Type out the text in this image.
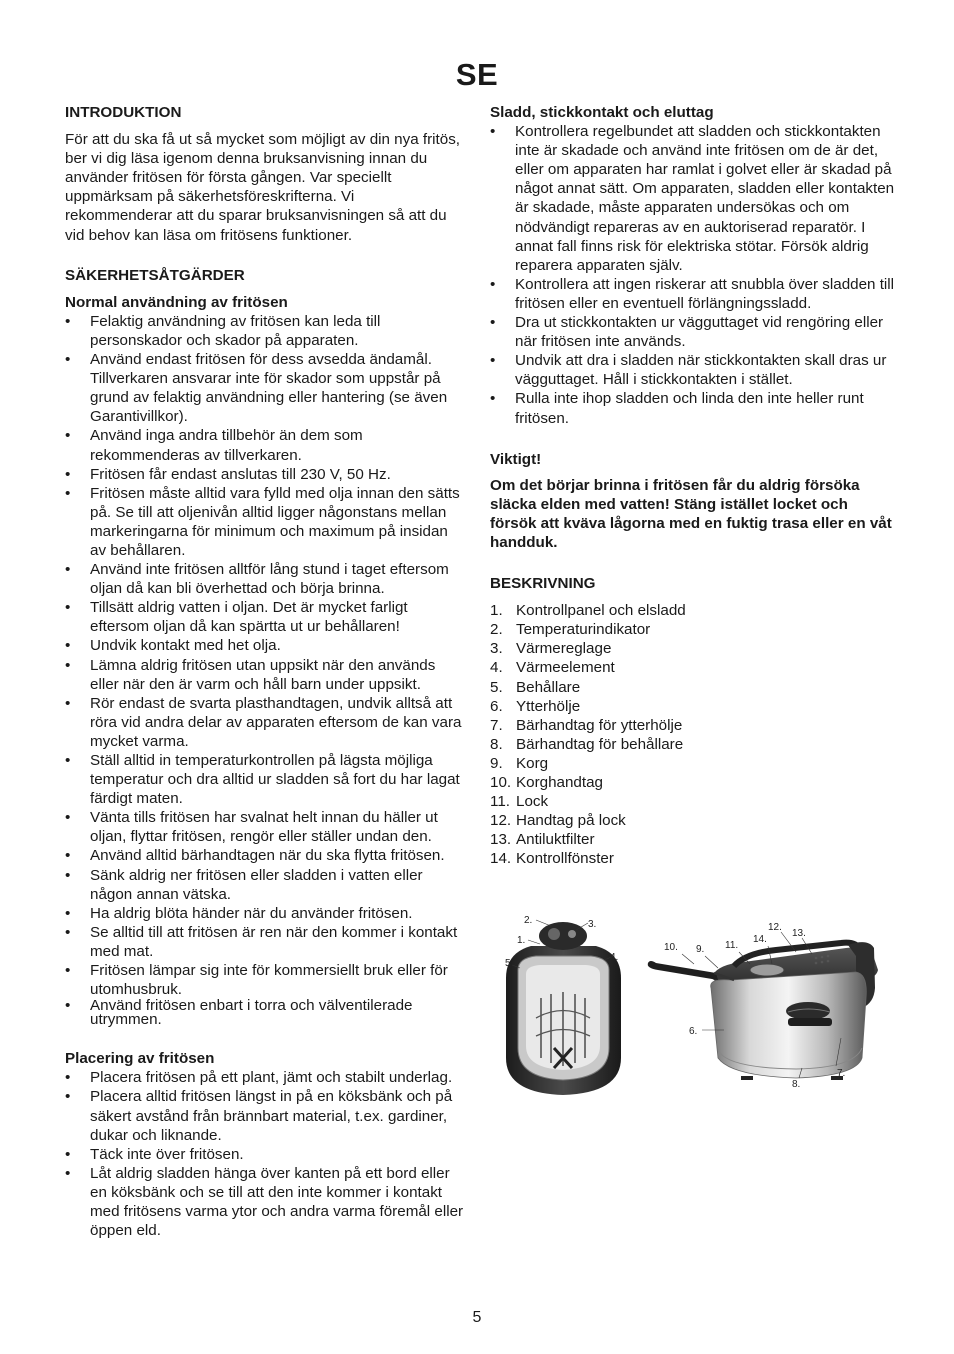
SE

INTRODUKTION

För att du ska få ut så mycket som möjligt av din nya fritös, ber vi dig läsa igenom denna bruksanvisning innan du använder fritösen för första gången. Var speciellt uppmärksam på säkerhetsföreskrifterna. Vi rekommenderar att du sparar bruksanvisningen så att du vid behov kan läsa om fritösens funktioner.

SÄKERHETSÅTGÄRDER

Normal användning av fritösen

• Felaktig användning av fritösen kan leda till personskador och skador på apparaten.
• Använd endast fritösen för dess avsedda ändamål. Tillverkaren ansvarar inte för skador som uppstår på grund av felaktig användning eller hantering (se även Garantivillkor).
• Använd inga andra tillbehör än dem som rekommenderas av tillverkaren.
• Fritösen får endast anslutas till 230 V, 50 Hz.
• Fritösen måste alltid vara fylld med olja innan den sätts på. Se till att oljenivån alltid ligger någonstans mellan markeringarna för minimum och maximum på insidan av behållaren.
• Använd inte fritösen alltför lång stund i taget eftersom oljan då kan bli överhettad och börja brinna.
• Tillsätt aldrig vatten i oljan. Det är mycket farligt eftersom oljan då kan spärtta ut ur behållaren!
• Undvik kontakt med het olja.
• Lämna aldrig fritösen utan uppsikt när den används eller när den är varm och håll barn under uppsikt.
• Rör endast de svarta plasthandtagen, undvik alltså att röra vid andra delar av apparaten eftersom de kan vara mycket varma.
• Ställ alltid in temperaturkontrollen på lägsta möjliga temperatur och dra alltid ur sladden så fort du har lagat färdigt maten.
• Vänta tills fritösen har svalnat helt innan du häller ut oljan, flyttar fritösen, rengör eller ställer undan den.
• Använd alltid bärhandtagen när du ska flytta fritösen.
• Sänk aldrig ner fritösen eller sladden i vatten eller någon annan vätska.
• Ha aldrig blöta händer när du använder fritösen.
• Se alltid till att fritösen är ren när den kommer i kontakt med mat.
• Fritösen lämpar sig inte för kommersiellt bruk eller för utomhusbruk.
• Använd fritösen enbart i torra och välventilerade utrymmen.

Placering av fritösen

• Placera fritösen på ett plant, jämt och stabilt underlag.
• Placera alltid fritösen längst in på en köksbänk och på säkert avstånd från brännbart material, t.ex. gardiner, dukar och liknande.
• Täck inte över fritösen.
• Låt aldrig sladden hänga över kanten på ett bord eller en köksbänk och se till att den inte kommer i kontakt med fritösens varma ytor och andra varma föremål eller öppen eld.

Sladd, stickkontakt och eluttag

• Kontrollera regelbundet att sladden och stickkontakten inte är skadade och använd inte fritösen om de är det, eller om apparaten har ramlat i golvet eller är skadad på något annat sätt. Om apparaten, sladden eller kontakten är skadade, måste apparaten undersökas och om nödvändigt repareras av en auktoriserad reparatör. I annat fall finns risk för elektriska stötar. Försök aldrig reparera apparaten själv.
• Kontrollera att ingen riskerar att snubbla över sladden till fritösen eller en eventuell förlängningssladd.
• Dra ut stickkontakten ur vägguttaget vid rengöring eller när fritösen inte används.
• Undvik att dra i sladden när stickkontakten skall dras ur vägguttaget. Håll i stickkontakten i stället.
• Rulla inte ihop sladden och linda den inte heller runt fritösen.

Viktigt!

Om det börjar brinna i fritösen får du aldrig försöka släcka elden med vatten! Stäng istället locket och försök att kväva lågorna med en fuktig trasa eller en våt handduk.

BESKRIVNING

1. Kontrollpanel och elsladd
2. Temperaturindikator
3. Värmereglage
4. Värmeelement
5. Behållare
6. Ytterhölje
7. Bärhandtag för ytterhölje
8. Bärhandtag för behållare
9. Korg
10. Korghandtag
11. Lock
12. Handtag på lock
13. Antiluktfilter
14. Kontrollfönster
2.	3.
1.
4.
5.
12.
13.
10. 9. 11.
14.
6.
7.
8.
5
